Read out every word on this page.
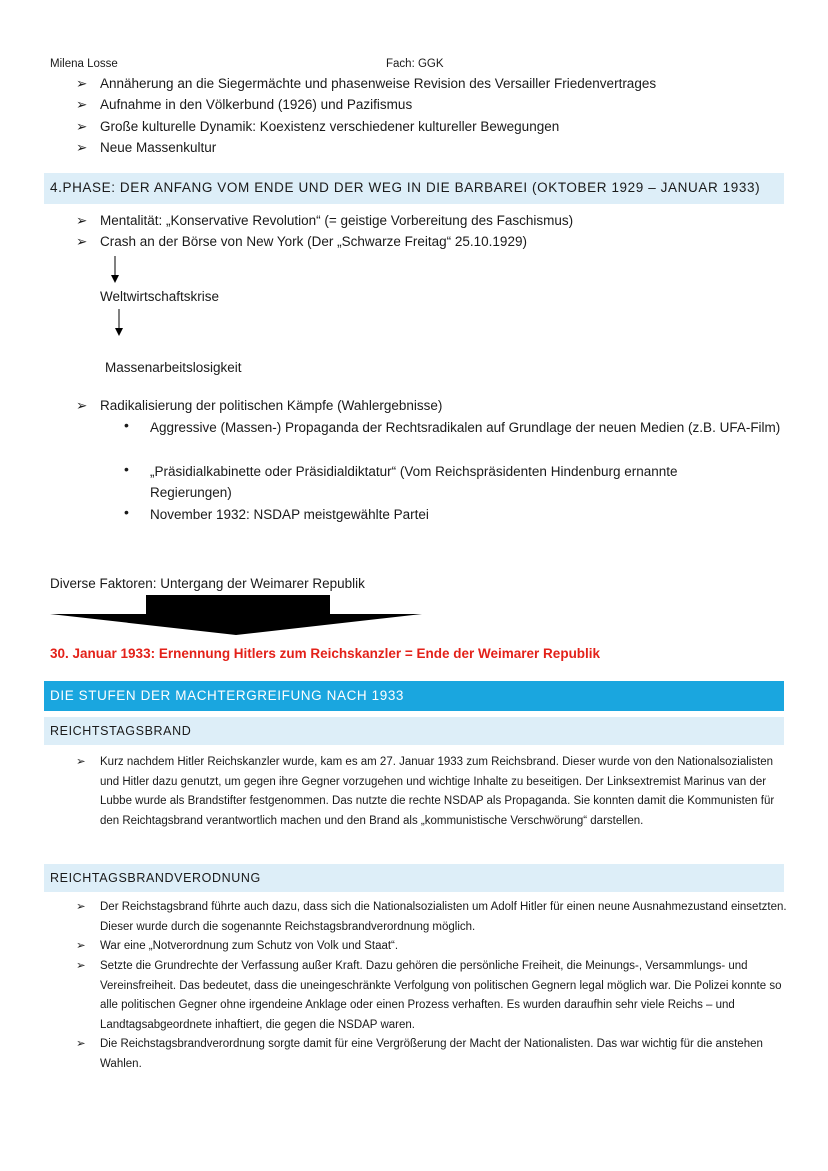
Milena Losse	Fach: GGK
➢ Annäherung an die Siegermächte und phasenweise Revision des Versailler Friedenvertrages
➢ Aufnahme in den Völkerbund (1926) und Pazifismus
➢ Große kulturelle Dynamik: Koexistenz verschiedener kultureller Bewegungen
➢ Neue Massenkultur
4.PHASE: DER ANFANG VOM ENDE UND DER WEG IN DIE BARBAREI (OKTOBER 1929 – JANUAR 1933)
➢ Mentalität: „Konservative Revolution“ (= geistige Vorbereitung des Faschismus)
➢ Crash an der Börse von New York (Der „Schwarze Freitag“ 25.10.1929)
Weltwirtschaftskrise
Massenarbeitslosigkeit
➢ Radikalisierung der politischen Kämpfe (Wahlergebnisse)
• Aggressive (Massen-) Propaganda der Rechtsradikalen auf Grundlage der neuen Medien (z.B. UFA-Film)
• „Präsidialkabinette oder Präsidialdiktatur“ (Vom Reichspräsidenten Hindenburg ernannte Regierungen)
• November 1932: NSDAP meistgewählte Partei
Diverse Faktoren: Untergang der Weimarer Republik
30. Januar 1933: Ernennung Hitlers zum Reichskanzler = Ende der Weimarer Republik
DIE STUFEN DER MACHTERGREIFUNG NACH 1933
REICHTSTAGSBRAND
➢ Kurz nachdem Hitler Reichskanzler wurde, kam es am 27. Januar 1933 zum Reichsbrand. Dieser wurde von den Nationalsozialisten und Hitler dazu genutzt, um gegen ihre Gegner vorzugehen und wichtige Inhalte zu beseitigen. Der Linksextremist Marinus van der Lubbe wurde als Brandstifter festgenommen. Das nutzte die rechte NSDAP als Propaganda. Sie konnten damit die Kommunisten für den Reichtagsbrand verantwortlich machen und den Brand als „kommunistische Verschwörung“ darstellen.
REICHTAGSBRANDVERODNUNG
➢ Der Reichstagsbrand führte auch dazu, dass sich die Nationalsozialisten um Adolf Hitler für einen neune Ausnahmezustand einsetzten. Dieser wurde durch die sogenannte Reichstagsbrandverordnung möglich.
➢ War eine „Notverordnung zum Schutz von Volk und Staat“.
➢ Setzte die Grundrechte der Verfassung außer Kraft. Dazu gehören die persönliche Freiheit, die Meinungs-, Versammlungs- und Vereinsfreiheit. Das bedeutet, dass die uneingeschränkte Verfolgung von politischen Gegnern legal möglich war. Die Polizei konnte so alle politischen Gegner ohne irgendeine Anklage oder einen Prozess verhaften. Es wurden daraufhin sehr viele Reichs – und Landtagsabgeordnete inhaftiert, die gegen die NSDAP waren.
➢ Die Reichstagsbrandverordnung sorgte damit für eine Vergrößerung der Macht der Nationalisten. Das war wichtig für die anstehen Wahlen.
